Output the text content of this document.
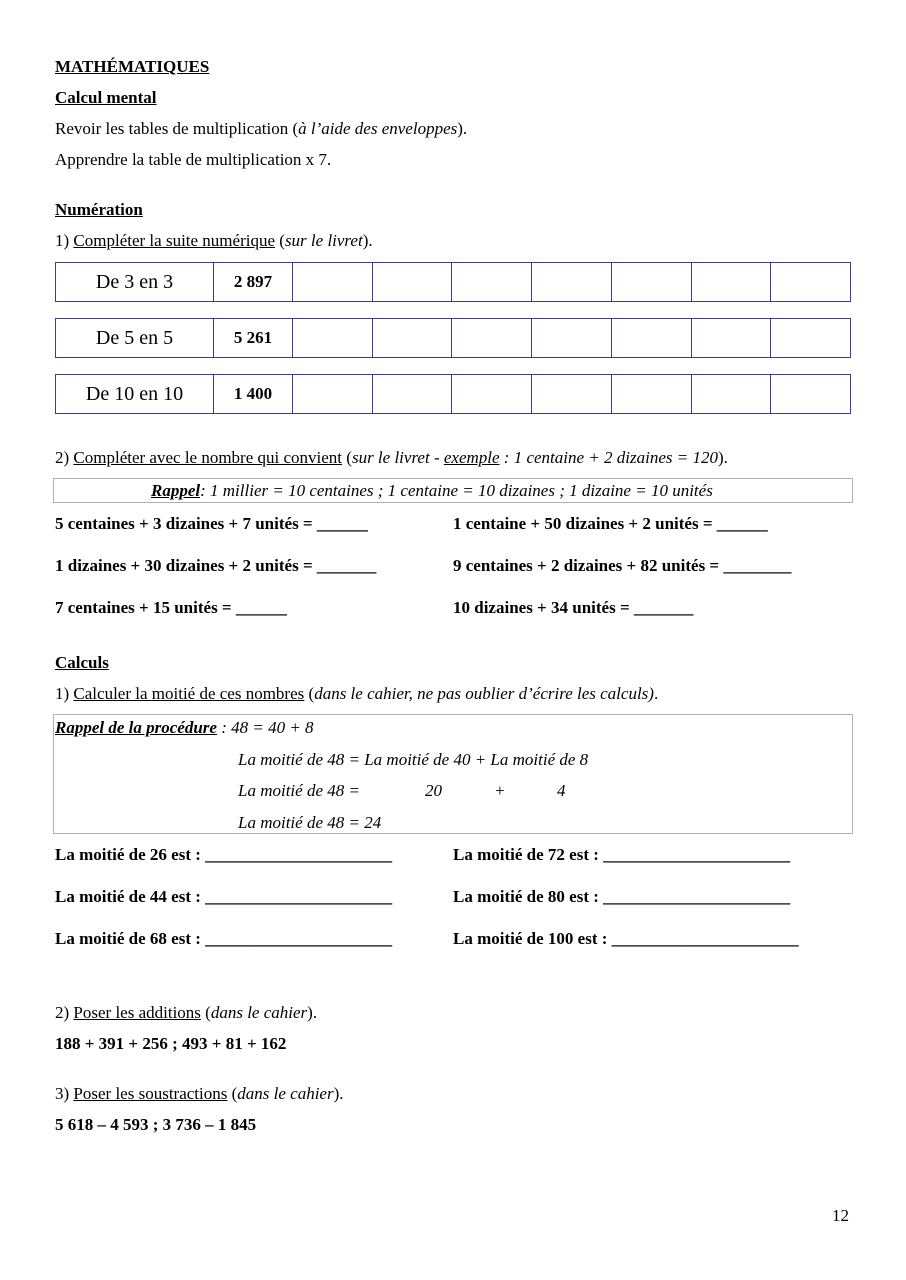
MATHÉMATIQUES
Calcul mental
Revoir les tables de multiplication (à l’aide des enveloppes).
Apprendre la table de multiplication x 7.
Numération
1) Compléter la suite numérique (sur le livret).
De 3 en 3	2 897							
De 5 en 5	5 261							
De 10 en 10	1 400							
2) Compléter avec le nombre qui convient (sur le livret - exemple : 1 centaine + 2 dizaines = 120).
Rappel: 1 millier = 10 centaines ; 1 centaine = 10 dizaines ; 1 dizaine = 10 unités
5 centaines + 3 dizaines + 7 unités = ______	1 centaine + 50 dizaines + 2 unités = ______
1 dizaines + 30 dizaines + 2 unités = _______	9 centaines + 2 dizaines + 82 unités = ________
7 centaines + 15 unités = ______	10 dizaines + 34 unités = _______
Calculs
1) Calculer la moitié de ces nombres (dans le cahier, ne pas oublier d’écrire les calculs).
Rappel de la procédure : 48 = 40 + 8
La moitié de 48 = La moitié de 40 + La moitié de 8
La moitié de 48 =	20	+	4
La moitié de 48 = 24
La moitié de 26 est : ______________________	La moitié de 72 est : ______________________
La moitié de 44 est : ______________________	La moitié de 80 est : ______________________
La moitié de 68 est : ______________________	La moitié de 100 est : ______________________
2) Poser les additions (dans le cahier).
188 + 391 + 256 ; 493 + 81 + 162
3) Poser les soustractions (dans le cahier).
5 618 – 4 593 ; 3 736 – 1 845
12
